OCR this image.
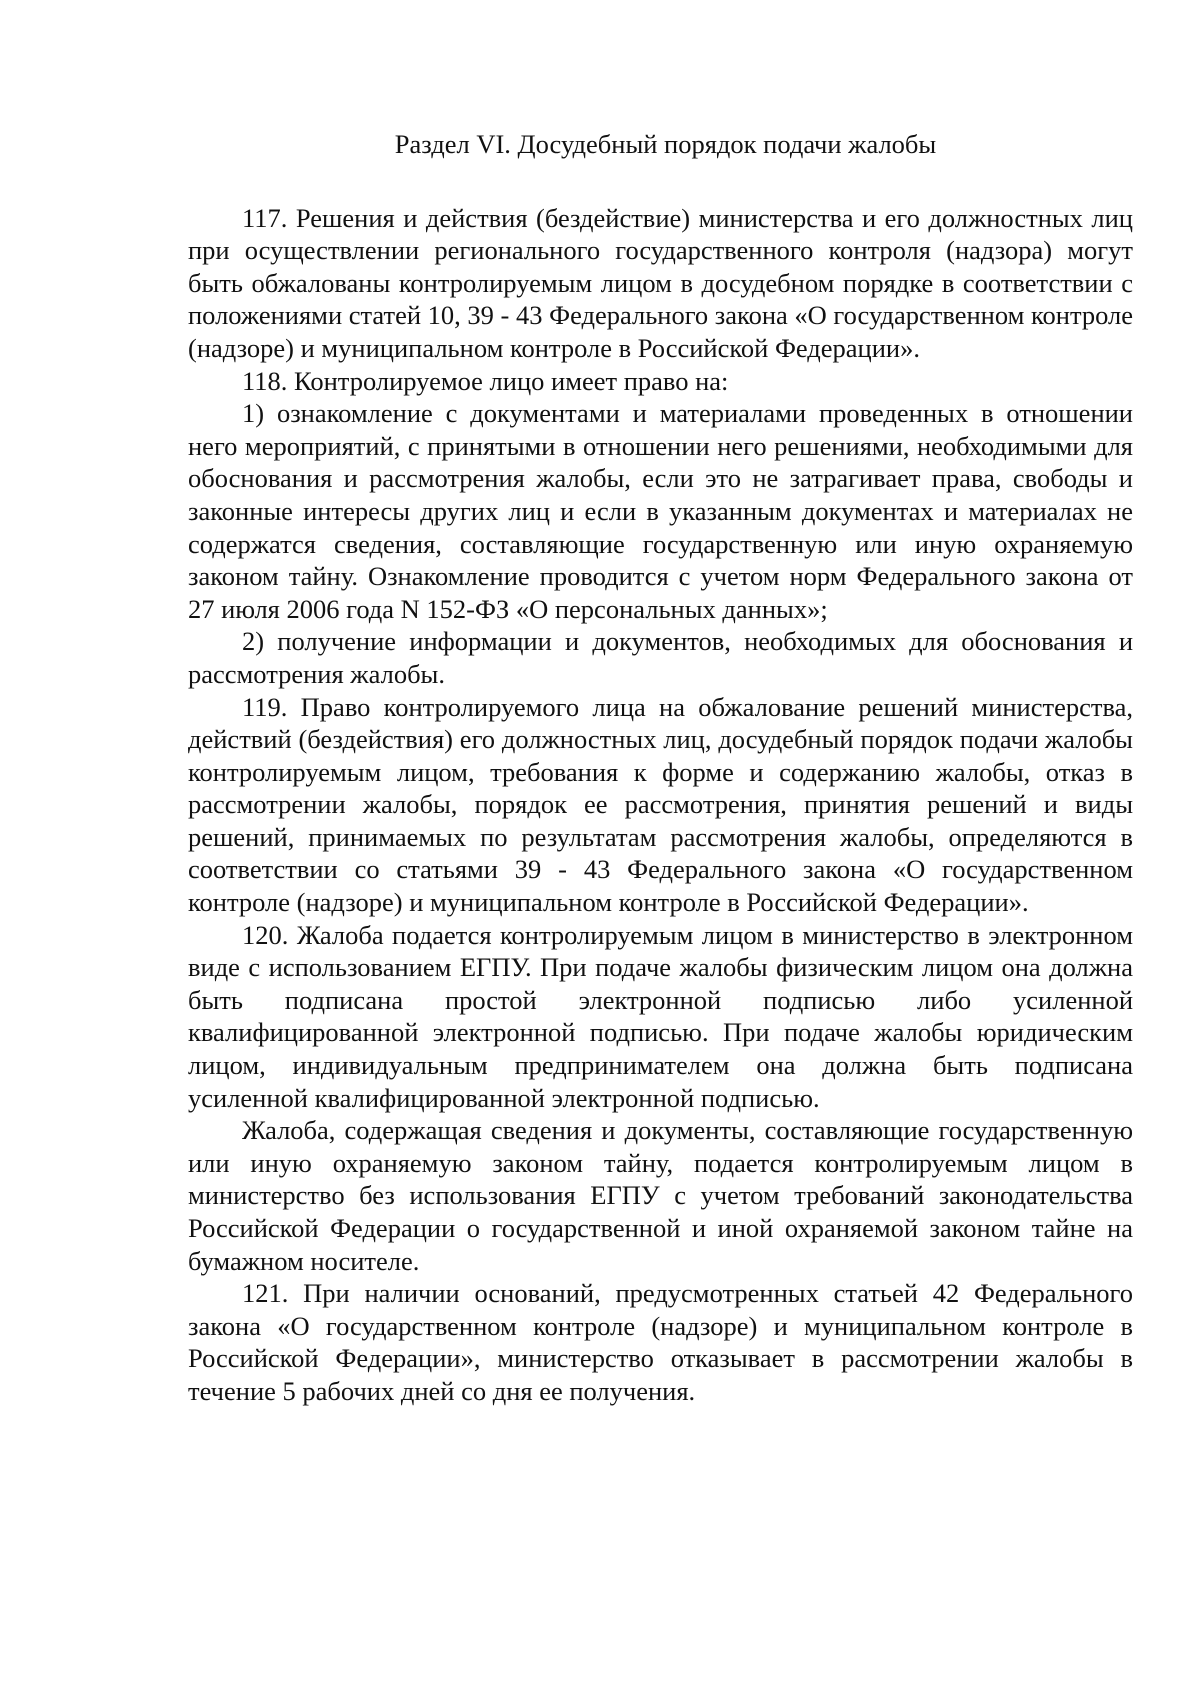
Раздел VI. Досудебный порядок подачи жалобы

117. Решения и действия (бездействие) министерства и его должностных лиц при осуществлении регионального государственного контроля (надзора) могут быть обжалованы контролируемым лицом в досудебном порядке в соответствии с положениями статей 10, 39 - 43 Федерального закона «О государственном контроле (надзоре) и муниципальном контроле в Российской Федерации».

118. Контролируемое лицо имеет право на:

1) ознакомление с документами и материалами проведенных в отношении него мероприятий, с принятыми в отношении него решениями, необходимыми для обоснования и рассмотрения жалобы, если это не затрагивает права, свободы и законные интересы других лиц и если в указанным документах и материалах не содержатся сведения, составляющие государственную или иную охраняемую законом тайну. Ознакомление проводится с учетом норм Федерального закона от 27 июля 2006 года N 152-ФЗ «О персональных данных»;

2) получение информации и документов, необходимых для обоснования и рассмотрения жалобы.

119. Право контролируемого лица на обжалование решений министерства, действий (бездействия) его должностных лиц, досудебный порядок подачи жалобы контролируемым лицом, требования к форме и содержанию жалобы, отказ в рассмотрении жалобы, порядок ее рассмотрения, принятия решений и виды решений, принимаемых по результатам рассмотрения жалобы, определяются в соответствии со статьями 39 - 43 Федерального закона «О государственном контроле (надзоре) и муниципальном контроле в Российской Федерации».

120. Жалоба подается контролируемым лицом в министерство в электронном виде с использованием ЕГПУ. При подаче жалобы физическим лицом она должна быть подписана простой электронной подписью либо усиленной квалифицированной электронной подписью. При подаче жалобы юридическим лицом, индивидуальным предпринимателем она должна быть подписана усиленной квалифицированной электронной подписью.

Жалоба, содержащая сведения и документы, составляющие государственную или иную охраняемую законом тайну, подается контролируемым лицом в министерство без использования ЕГПУ с учетом требований законодательства Российской Федерации о государственной и иной охраняемой законом тайне на бумажном носителе.

121. При наличии оснований, предусмотренных статьей 42 Федерального закона «О государственном контроле (надзоре) и муниципальном контроле в Российской Федерации», министерство отказывает в рассмотрении жалобы в течение 5 рабочих дней со дня ее получения.
